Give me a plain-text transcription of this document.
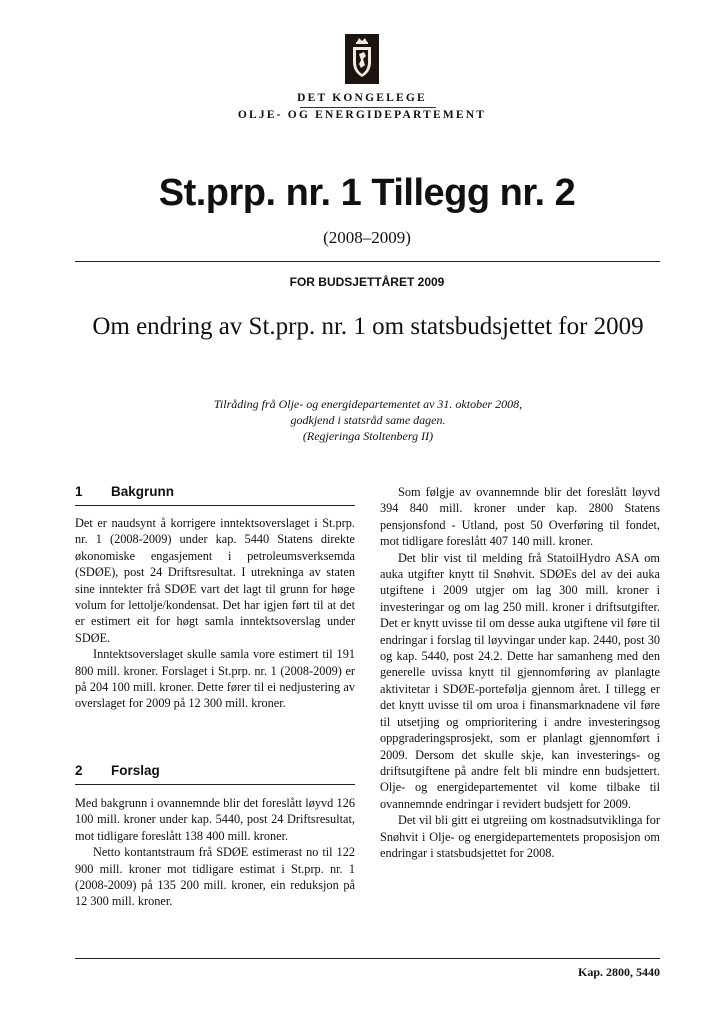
DET KONGELEGE
OLJE- OG ENERGIDEPARTEMENT
St.prp. nr. 1 Tillegg nr. 2
(2008–2009)
FOR BUDSJETTÅRET 2009
Om endring av St.prp. nr. 1 om statsbudsjettet for 2009
Tilråding frå Olje- og energidepartementet av 31. oktober 2008,
godkjend i statsråd same dagen.
(Regjeringa Stoltenberg II)
1 Bakgrunn

Det er naudsynt å korrigere inntektsoverslaget i St.prp. nr. 1 (2008-2009) under kap. 5440 Statens direkte økonomiske engasjement i petroleumsverksemda (SDØE), post 24 Driftsresultat. I utrekninga av staten sine inntekter frå SDØE vart det lagt til grunn for høge volum for lettolje/kondensat. Det har igjen ført til at det er estimert eit for høgt samla inntektsoverslag under SDØE.

Inntektsoverslaget skulle samla vore estimert til 191 800 mill. kroner. Forslaget i St.prp. nr. 1 (2008-2009) er på 204 100 mill. kroner. Dette fører til ei nedjustering av overslaget for 2009 på 12 300 mill. kroner.

2 Forslag

Med bakgrunn i ovannemnde blir det foreslått løyvd 126 100 mill. kroner under kap. 5440, post 24 Driftsresultat, mot tidligare foreslått 138 400 mill. kroner.

Netto kontantstraum frå SDØE estimerast no til 122 900 mill. kroner mot tidligare estimat i St.prp. nr. 1 (2008-2009) på 135 200 mill. kroner, ein reduksjon på 12 300 mill. kroner.

Som følgje av ovannemnde blir det foreslått løyvd 394 840 mill. kroner under kap. 2800 Statens pensjonsfond - Utland, post 50 Overføring til fondet, mot tidligare foreslått 407 140 mill. kroner.

Det blir vist til melding frå StatoilHydro ASA om auka utgifter knytt til Snøhvit. SDØEs del av dei auka utgiftene i 2009 utgjer om lag 300 mill. kroner i investeringar og om lag 250 mill. kroner i driftsutgifter. Det er knytt uvisse til om desse auka utgiftene vil føre til endringar i forslag til løyvingar under kap. 2440, post 30 og kap. 5440, post 24.2. Dette har samanheng med den generelle uvissa knytt til gjennomføring av planlagte aktivitetar i SDØE-portefølja gjennom året. I tillegg er det knytt uvisse til om uroa i finansmarknadene vil føre til utsetjing og omprioritering i andre investeringsog oppgraderingsprosjekt, som er planlagt gjennomført i 2009. Dersom det skulle skje, kan investerings- og driftsutgiftene på andre felt bli mindre enn budsjettert. Olje- og energidepartementet vil kome tilbake til ovannemnde endringar i revidert budsjett for 2009.

Det vil bli gitt ei utgreiing om kostnadsutviklinga for Snøhvit i Olje- og energidepartementets proposisjon om endringar i statsbudsjettet for 2008.

Kap. 2800, 5440
